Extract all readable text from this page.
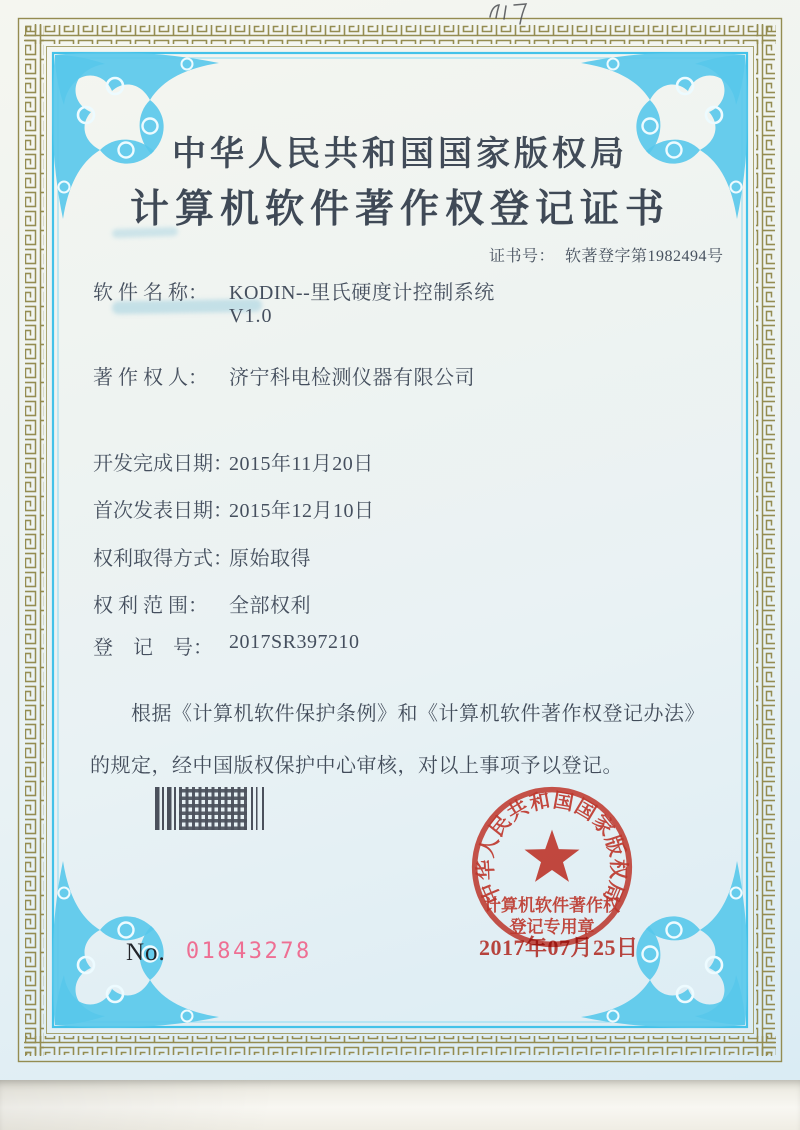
中华人民共和国国家版权局
计算机软件著作权登记证书
证书号： 软著登字第1982494号
软 件 名 称： KODIN--里氏硬度计控制系统
V1.0
著 作 权 人： 济宁科电检测仪器有限公司
开发完成日期：
2015年11月20日
首次发表日期：
2015年12月10日
权利取得方式：
原始取得
权 利 范 围： 全部权利
登　记　号： 2017SR397210

根据《计算机软件保护条例》和《计算机软件著作权登记办法》的规定，经中国版权保护中心审核，对以上事项予以登记。

中华人民共和国国家版权局
计算机软件著作权
登记专用章
2017年07月25日
No. 01843278
